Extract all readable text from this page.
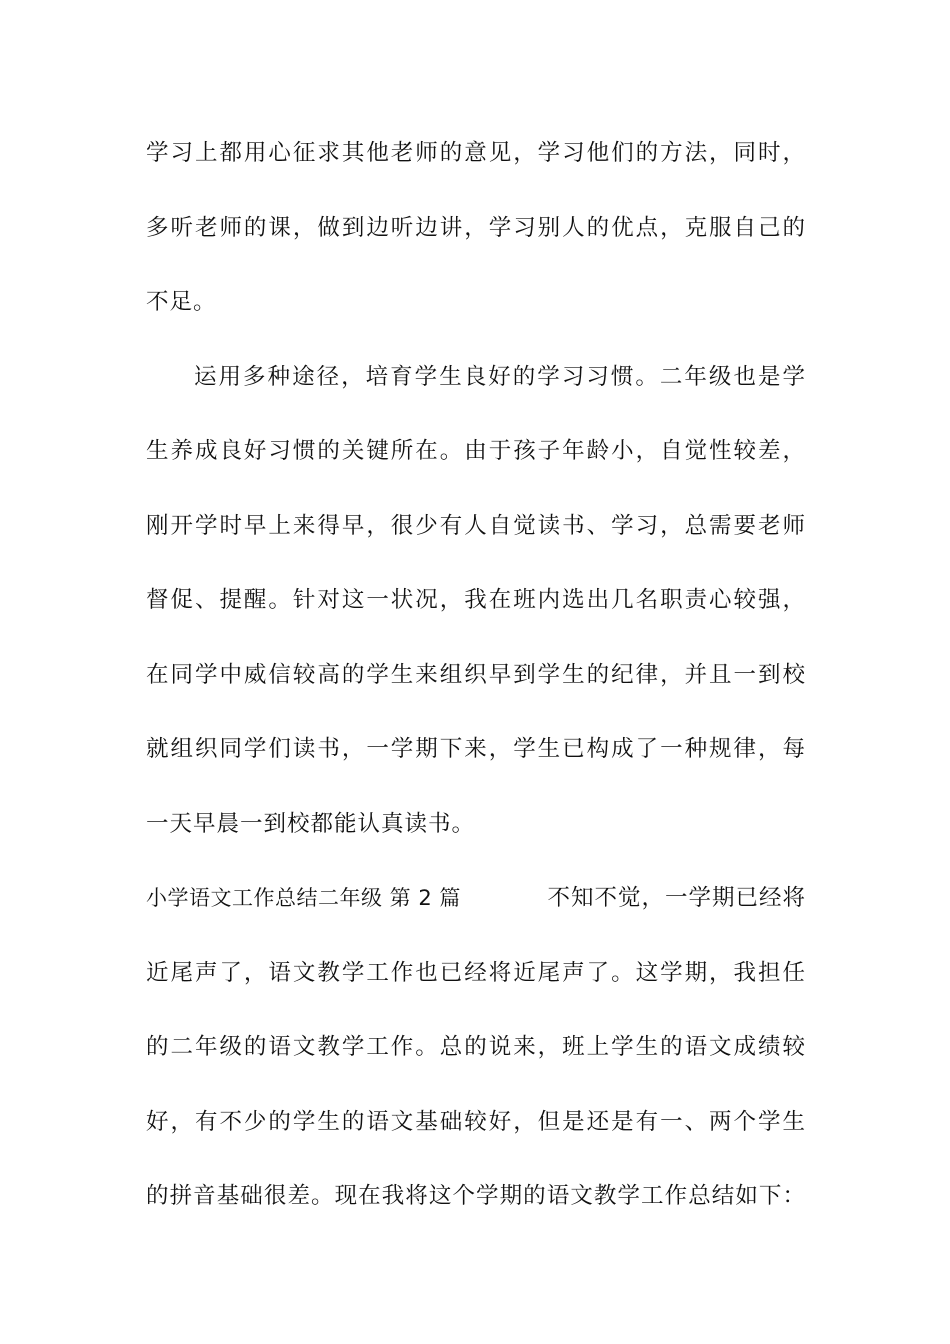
学习上都用心征求其他老师的意见，学习他们的方法，同时，
多听老师的课，做到边听边讲，学习别人的优点，克服自己的
不足。
运用多种途径，培育学生良好的学习习惯。二年级也是学
生养成良好习惯的关键所在。由于孩子年龄小，自觉性较差，
刚开学时早上来得早，很少有人自觉读书、学习，总需要老师
督促、提醒。针对这一状况，我在班内选出几名职责心较强，
在同学中威信较高的学生来组织早到学生的纪律，并且一到校
就组织同学们读书，一学期下来，学生已构成了一种规律，每
一天早晨一到校都能认真读书。
小学语文工作总结二年级 第 2 篇	不知不觉，一学期已经将
近尾声了，语文教学工作也已经将近尾声了。这学期，我担任
的二年级的语文教学工作。总的说来，班上学生的语文成绩较
好，有不少的学生的语文基础较好，但是还是有一、两个学生
的拼音基础很差。现在我将这个学期的语文教学工作总结如下：
